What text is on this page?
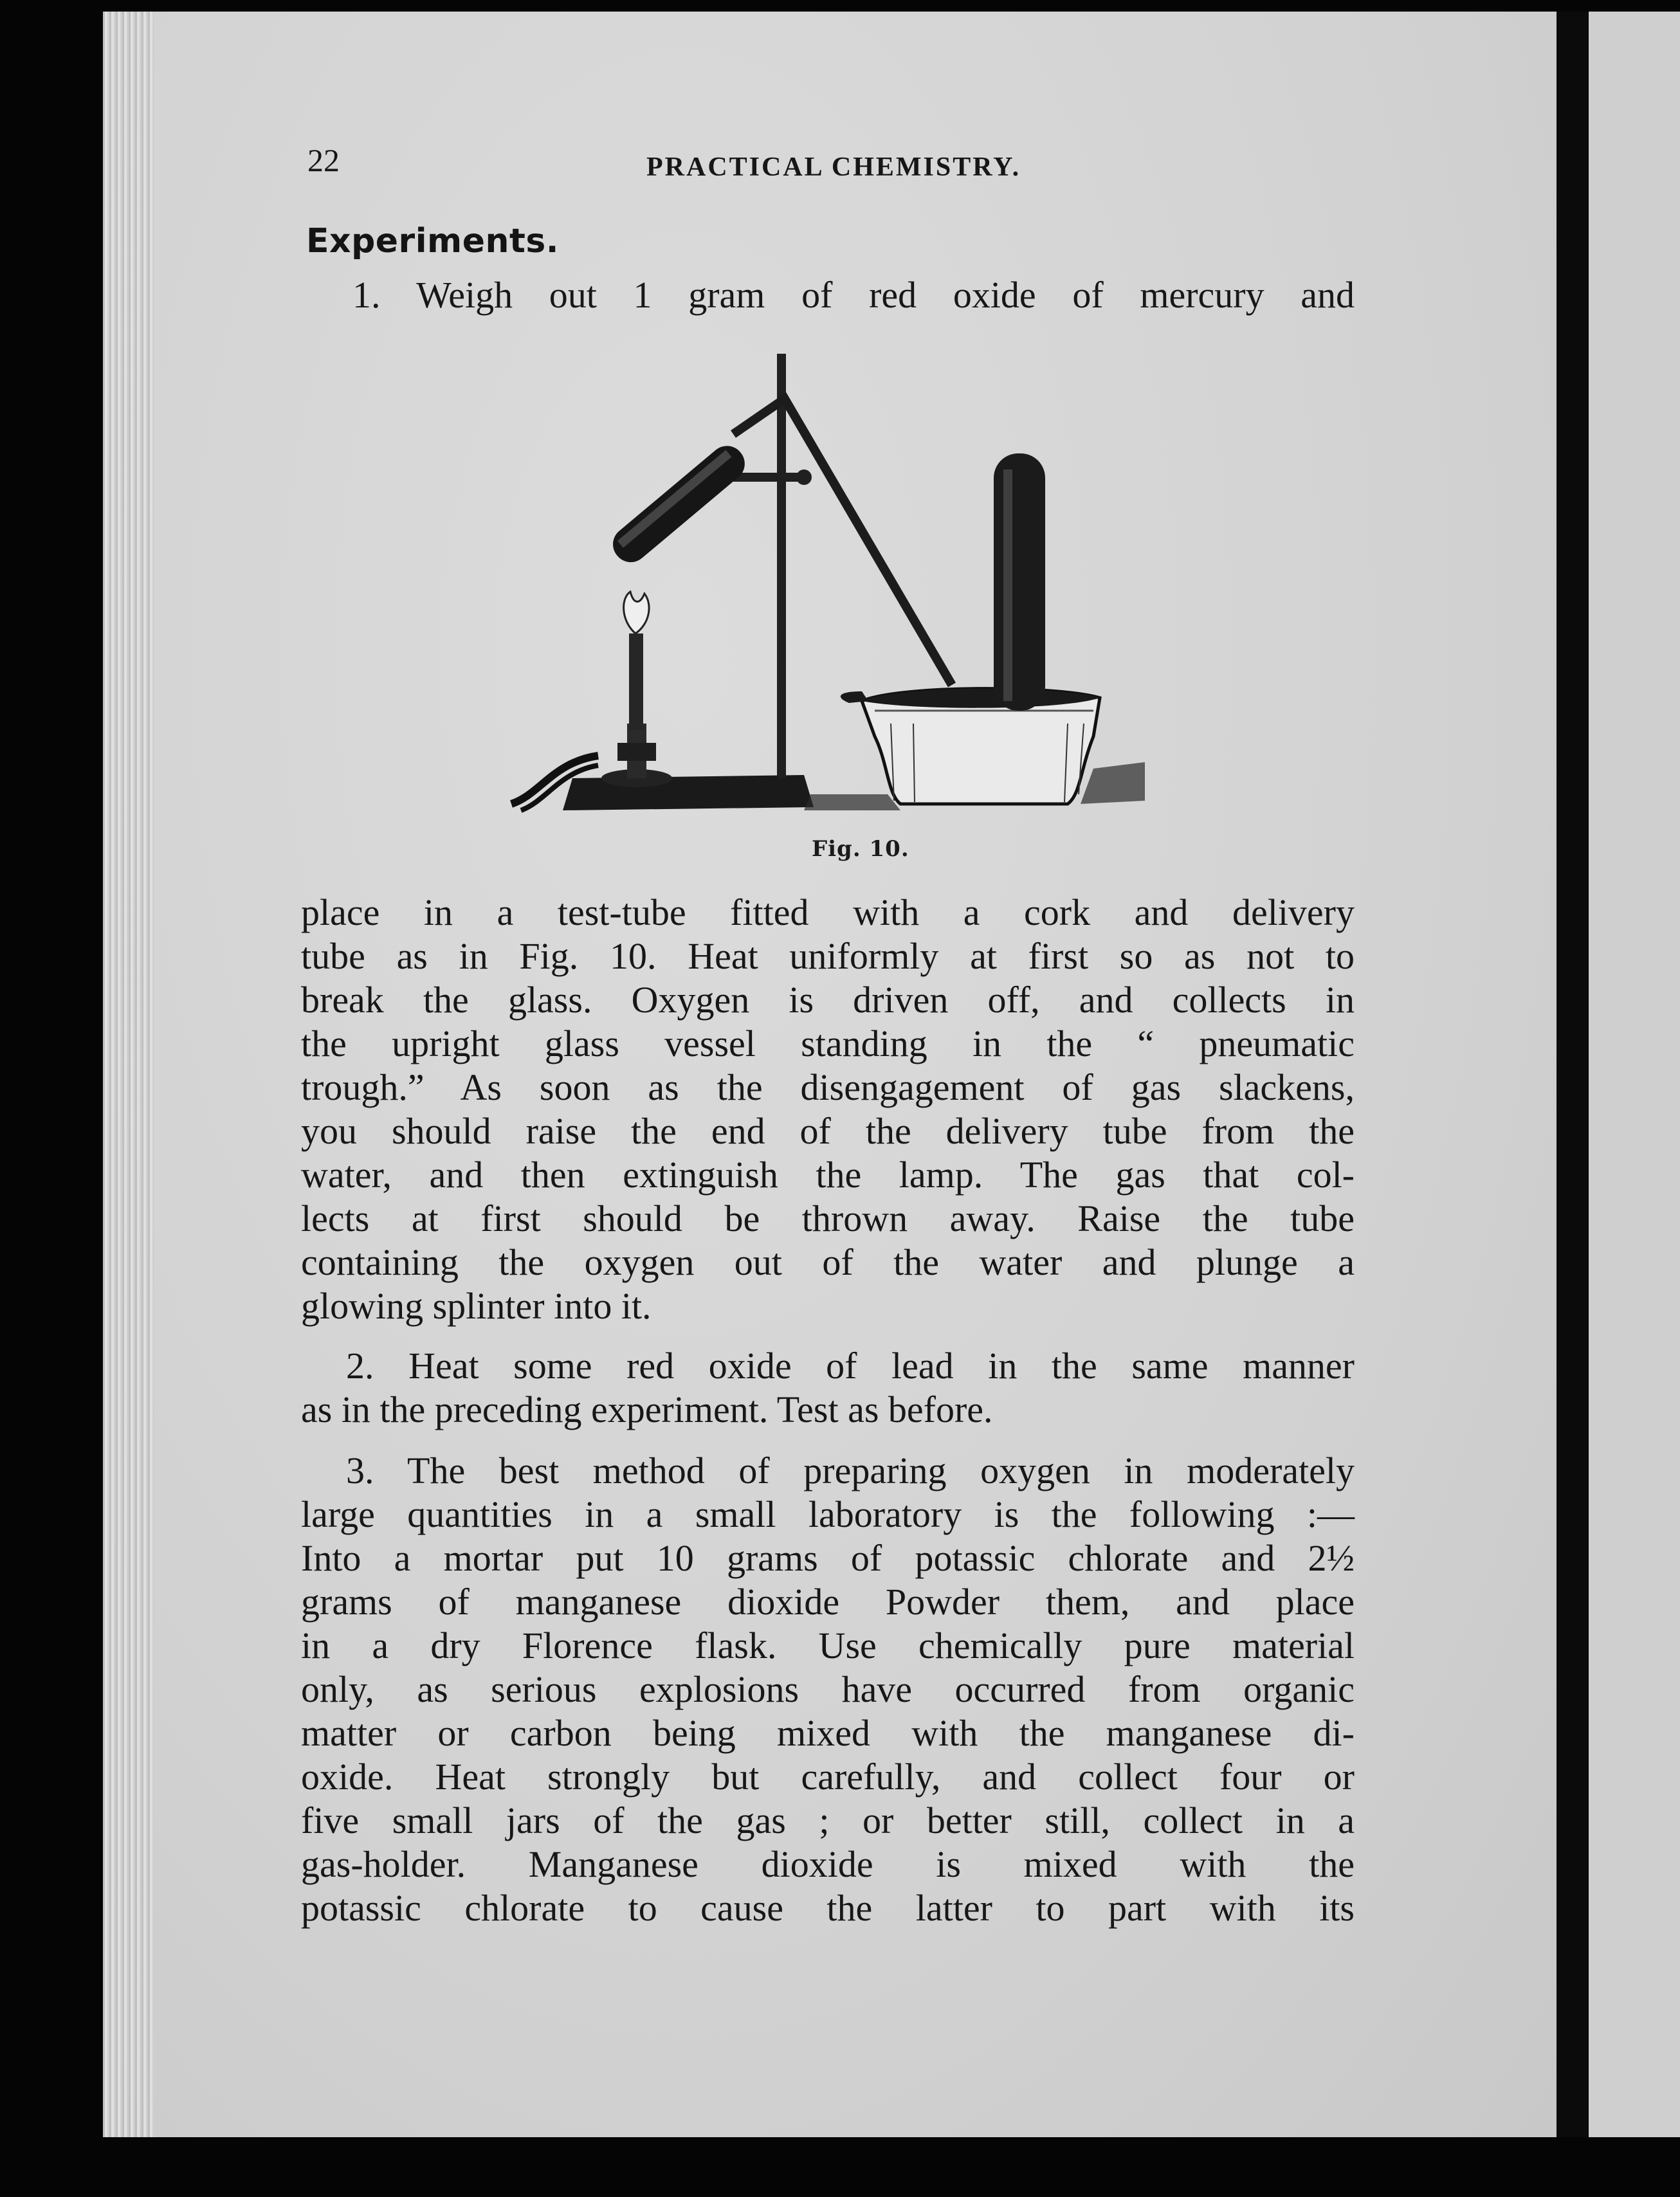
22	PRACTICAL CHEMISTRY.
Experiments.
1. Weigh out 1 gram of red oxide of mercury and
Fig. 10.
place in a test-tube fitted with a cork and delivery
tube as in Fig. 10. Heat uniformly at first so as not to
break the glass. Oxygen is driven off, and collects in
the upright glass vessel standing in the “ pneumatic
trough.” As soon as the disengagement of gas slackens,
you should raise the end of the delivery tube from the
water, and then extinguish the lamp. The gas that col-
lects at first should be thrown away. Raise the tube
containing the oxygen out of the water and plunge a
glowing splinter into it.
2. Heat some red oxide of lead in the same manner
as in the preceding experiment. Test as before.
3. The best method of preparing oxygen in moderately
large quantities in a small laboratory is the following :—
Into a mortar put 10 grams of potassic chlorate and 2½
grams of manganese dioxide Powder them, and place
in a dry Florence flask. Use chemically pure material
only, as serious explosions have occurred from organic
matter or carbon being mixed with the manganese di-
oxide. Heat strongly but carefully, and collect four or
five small jars of the gas ; or better still, collect in a
gas-holder. Manganese dioxide is mixed with the
potassic chlorate to cause the latter to part with its
